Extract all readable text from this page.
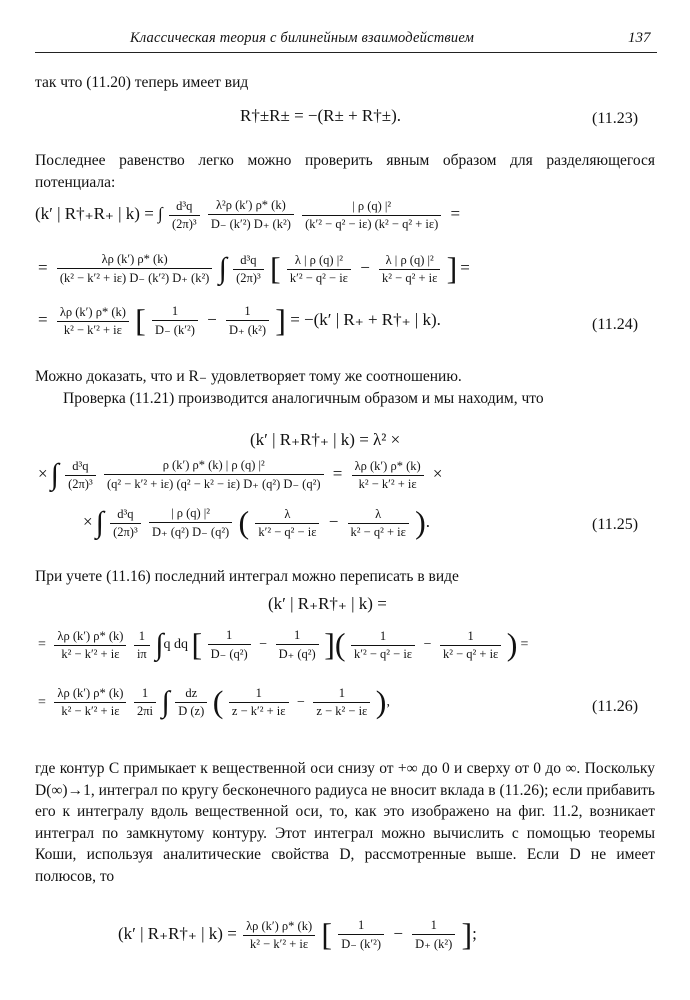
Классическая теория с билинейным взаимодействием	137
так что (11.20) теперь имеет вид
R†±R± = −(R± + R†±).	(11.23)
Последнее равенство легко можно проверить явным образом для разделяющегося потенциала:
(k′ | R†₊R₊ | k) = ∫ $\frac{\text{d³q}}{\text{(2π)³}}$
$\frac{\text{λ²ρ (k′) ρ* (k)}}{\text{D₋ (k′²) D₊ (k²)}}$
$\frac{\text{| ρ (q) |²}}{\text{(k′² − q² − iε) (k² − q² + iε)}}$ =
= $\frac{\lambda\rho (k') \rho* (k)}{\text{(k² − k′² + iε) D₋ (k′²) D₊ (k²)}}$ ∫ $\frac{\text{d³q}}{\text{(2π)³}}$ [ $\frac{\text{λ | ρ (q) |²}}{\text{k′² − q² − iε}} - \frac{\text{λ | ρ (q) |²}}{\text{k² − q² + iε}}$ ] =
= $\frac{\lambda\rho (k') \rho* (k)}{\text{k² − k′² + iε}}$ [ $\frac{1}{\text{D₋ (k′²)}} - \frac{1}{\text{D₊ (k²)}}$ ] = −(k′ | R₊ + R†₊ | k).	(11.24)
Можно доказать, что и R₋ удовлетворяет тому же соотношению.
Проверка (11.21) производится аналогичным образом и мы находим, что
(k′ | R₊R†₊ | k) = λ² ×
× ∫ $\frac{\text{d³q}}{\text{(2π)³}}$
$\frac{\text{ρ (k′) ρ* (k) | ρ (q) |²}}{\text{(q² − k′² + iε) (q² − k² − iε) D₊ (q²) D₋ (q²)}} = \frac{\lambda\rho (k') \rho* (k)}{\text{k² − k′² + iε}}$ ×
× ∫ $\frac{\text{d³q}}{\text{(2π)³}}$
$\frac{\text{| ρ (q) |²}}{\text{D₊ (q²) D₋ (q²)}}$ ( $\frac{\lambda}{\text{k′² − q² − iε}} - \frac{\lambda}{\text{k² − q² + iε}}$ ).	(11.25)
При учете (11.16) последний интеграл можно переписать в виде
(k′ | R₊R†₊ | k) =
= $\frac{\lambda\rho (k') \rho* (k)}{\text{k² − k′² + iε}}$
$\frac{1}{i\pi} \int q$ dq [ $\frac{1}{\text{D₋ (q²)}} - \frac{1}{\text{D₊ (q²)}}$ ]( $\frac{1}{\text{k′² − q² − iε}} - \frac{1}{\text{k² − q² + iε}}$ ) =
= $\frac{\lambda\rho (k') \rho* (k)}{\text{k² − k′² + iε}}$
$\frac{1}{2\pi i}$ ∫ $\frac{dz}{D (z)}$ ( $\frac{1}{\text{z − k′² + iε}} - \frac{1}{\text{z − k² − iε}}$ ),	(11.26)
где контур C примыкает к вещественной оси снизу от +∞ до 0 и сверху от 0 до ∞. Поскольку D(∞)→1, интеграл по кругу бесконечного радиуса не вносит вклада в (11.26); если прибавить его к интегралу вдоль вещественной оси, то, как это изображено на фиг. 11.2, возникает интеграл по замкнутому контуру. Этот интеграл можно вычислить с помощью теоремы Коши, используя аналитические свойства D, рассмотренные выше. Если D не имеет полюсов, то
(k′ | R₊R†₊ | $k) = \frac{\lambda\rho (k') \rho* (k)}{\text{k² − k′² + iε}}$ [ $\frac{1}{\text{D₋ (k′²)}} - \frac{1}{\text{D₊ (k²)}}$ ];
